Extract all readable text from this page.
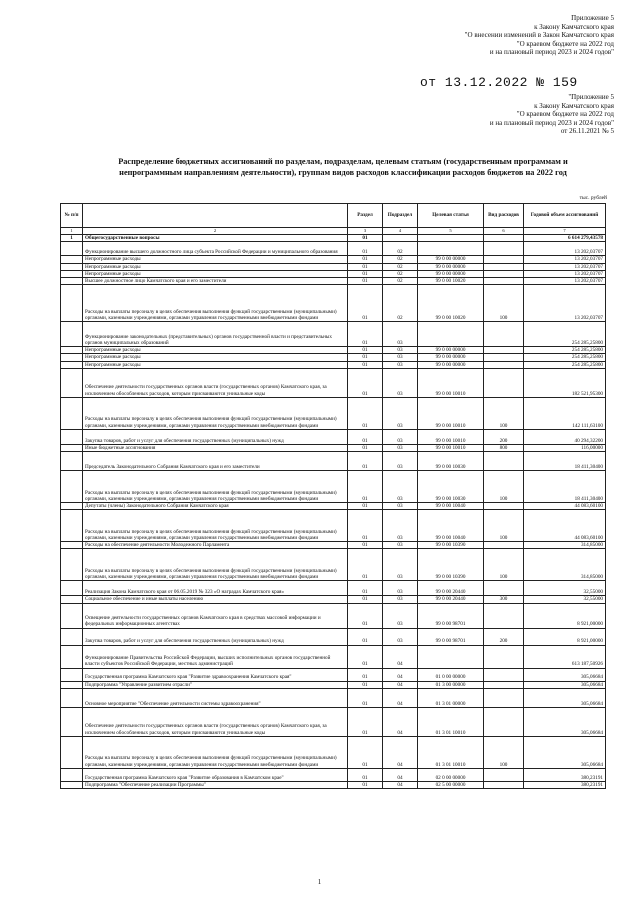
Приложение 5
к Закону Камчатского края
"О внесении изменений в Закон Камчатского края
"О краевом бюджете на 2022 год
и на плановый период 2023 и 2024 годов"
от 13.12.2022 № 159
"Приложение 5
к Закону Камчатского края
"О краевом бюджете на 2022 год
и на плановый период 2023 и 2024 годов"
от 26.11.2021 № 5
Распределение бюджетных ассигнований по разделам, подразделам, целевым статьям (государственным программам и непрограммным направлениям деятельности), группам видов расходов классификации расходов бюджетов на 2022 год
тыс. рублей
№ п/п		Раздел	Подраздел	Целевая статья	Вид расходов	Годовой объем ассигнований
1	2	3	4	5	6	7
1	Общегосударственные вопросы	01				6 614 279,43578
	Функционирование высшего должностного лица субъекта Российской Федерации и муниципального образования	01	02			13 202,03707
	Непрограммные расходы	01	02	99 0 00 00000		13 202,03707
	Непрограммные расходы	01	02	99 0 00 00000		13 202,03707
	Непрограммные расходы	01	02	99 0 00 00000		13 202,03707
	Высшее должностное лицо Камчатского края и его заместители	01	02	99 0 00 10020		13 202,03707
	Расходы на выплаты персоналу в целях обеспечения выполнения функций государственными (муниципальными) органами, казенными учреждениями, органами управления государственными внебюджетными фондами	01	02	99 0 00 10020	100	13 202,03707
	Функционирование законодательных (представительных) органов государственной власти и представительных органов муниципальных образований	01	03			254 285,25800
	Непрограммные расходы	01	03	99 0 00 00000		254 285,25800
	Непрограммные расходы	01	03	99 0 00 00000		254 285,25800
	Непрограммные расходы	01	03	99 0 00 00000		254 285,25800
	Обеспечение деятельности государственных органов власти (государственных органов) Камчатского края, за исключением обособленных расходов, которым присваиваются уникальные коды	01	03	99 0 00 10010		182 521,95300
	Расходы на выплаты персоналу в целях обеспечения выполнения функций государственными (муниципальными) органами, казенными учреждениями, органами управления государственными внебюджетными фондами	01	03	99 0 00 10010	100	142 111,63100
	Закупка товаров, работ и услуг для обеспечения государственных (муниципальных) нужд	01	03	99 0 00 10010	200	40 294,32200
	Иные бюджетные ассигнования	01	03	99 0 00 10010	800	116,00000
	Председатель Законодательного Собрания Камчатского края и его заместители	01	03	99 0 00 10030		18 411,30400
	Расходы на выплаты персоналу в целях обеспечения выполнения функций государственными (муниципальными) органами, казенными учреждениями, органами управления государственными внебюджетными фондами	01	03	99 0 00 10030	100	18 411,30400
	Депутаты (члены) Законодательного Собрания Камчатского края	01	03	99 0 00 10040		44 083,60100
	Расходы на выплаты персоналу в целях обеспечения выполнения функций государственными (муниципальными) органами, казенными учреждениями, органами управления государственными внебюджетными фондами	01	03	99 0 00 10040	100	44 083,60100
	Расходы на обеспечение деятельности Молодежного Парламента	01	03	99 0 00 10390		314,85000
	Расходы на выплаты персоналу в целях обеспечения выполнения функций государственными (муниципальными) органами, казенными учреждениями, органами управления государственными внебюджетными фондами	01	03	99 0 00 10390	100	314,85000
	Реализация Закона Камчатского края от 06.05.2019 № 323 «О наградах Камчатского края»	01	03	99 0 00 20440		32,55000
	Социальное обеспечение и иные выплаты населению	01	03	99 0 00 20440	300	32,55000
	Освещение деятельности государственных органов Камчатского края в средствах массовой информации и федеральных информационных агентствах	01	03	99 0 00 98701		8 921,00000
	Закупка товаров, работ и услуг для обеспечения государственных (муниципальных) нужд	01	03	99 0 00 98701	200	8 921,00000
	Функционирование Правительства Российской Федерации, высших исполнительных органов государственной власти субъектов Российской Федерации, местных администраций	01	04			613 187,50926
	Государственная программа Камчатского края "Развитие здравоохранения Камчатского края"	01	04	01 0 00 00000		305,06684
	Подпрограмма "Управление развитием отрасли"	01	04	01 3 00 00000		305,06684
	Основное мероприятие "Обеспечение деятельности системы здравоохранения"	01	04	01 3 01 00000		305,06684
	Обеспечение деятельности государственных органов власти (государственных органов) Камчатского края, за исключением обособленных расходов, которым присваиваются уникальные коды	01	04	01 3 01 10010		305,06684
	Расходы на выплаты персоналу в целях обеспечения выполнения функций государственными (муниципальными) органами, казенными учреждениями, органами управления государственными внебюджетными фондами	01	04	01 3 01 10010	100	305,06684
	Государственная программа Камчатского края "Развитие образования в Камчатском крае"	01	04	02 0 00 00000		380,23191
	Подпрограмма "Обеспечение реализации Программы"	01	04	02 5 00 00000		380,23191
1
